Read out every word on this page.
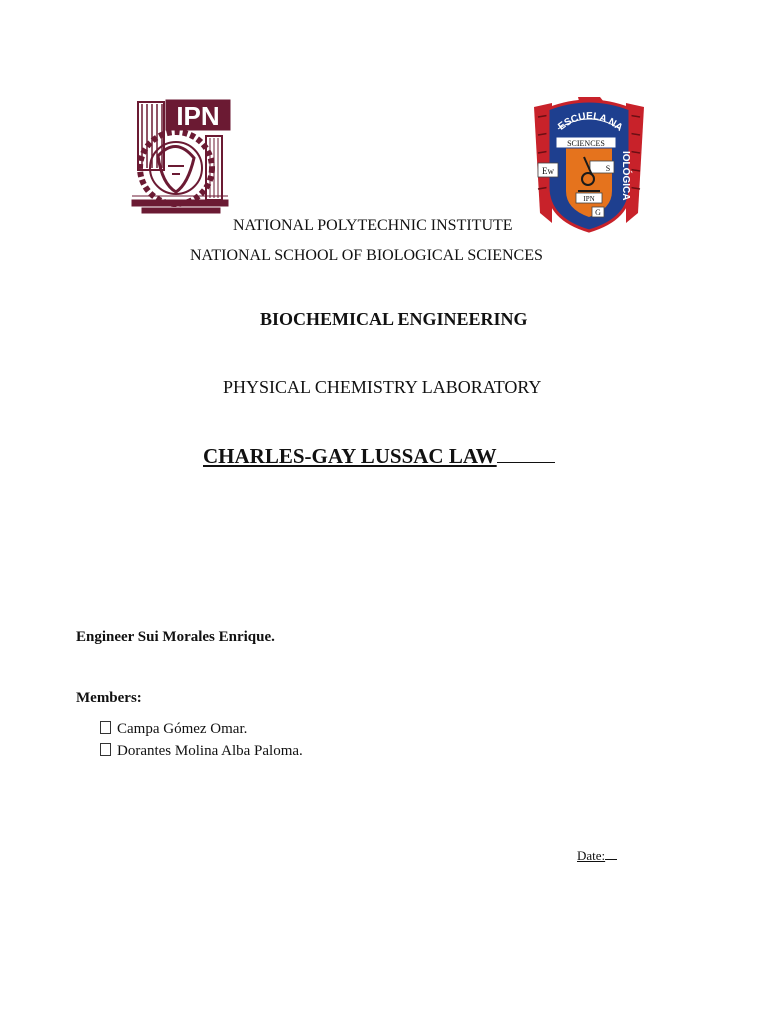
IPN
SCIENCES
Ew	S
IPN
G
ESCUELA NA
IOLÓGICA
NATIONAL POLYTECHNIC INSTITUTE
NATIONAL SCHOOL OF BIOLOGICAL SCIENCES
BIOCHEMICAL ENGINEERING
PHYSICAL CHEMISTRY LABORATORY
CHARLES-GAY LUSSAC LAW
Engineer Sui Morales Enrique.
Members:
Campa Gómez Omar.
Dorantes Molina Alba Paloma.
Date:
